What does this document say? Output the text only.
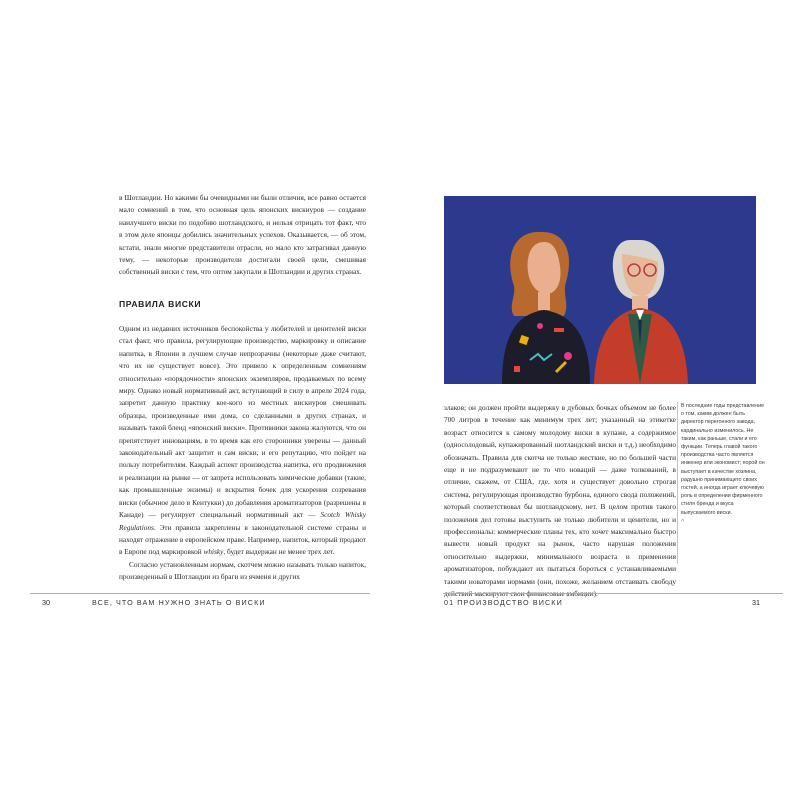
в Шотландии. Но какими бы очевидными ни были отличия, все равно остается мало сомнений в том, что основная цель японских вискиуров — создание наилучшего виски по подобию шотландского, и нельзя отрицать тот факт, что в этом деле японцы добились значительных успехов. Оказывается, — об этом, кстати, знали многие представители отрасли, но мало кто затрагивал данную тему, — некоторые производители достигали своей цели, смешивая собственный виски с тем, что оптом закупали в Шотландии и других странах.

ПРАВИЛА ВИСКИ

Одним из недавних источников беспокойства у любителей и ценителей виски стал факт, что правила, регулирующие производство, маркировку и описание напитка, в Японии в лучшем случае непрозрачны (некоторые даже считают, что их не существует вовсе). Это привело к определенным сомнениям относительно «порядочности» японских экземпляров, продаваемых по всему миру. Однако новый нормативный акт, вступающий в силу в апреле 2024 года, запретит данную практику кое-кого из местных вискиуров смешивать образцы, произведенные ими дома, со сделанными в других странах, и называть такой бленд «японский виски». Противники закона жалуются, что он препятствует инновациям, в то время как его сторонники уверены — данный законодательный акт защитит и сам виски, и его репутацию, что пойдет на пользу потребителям. Каждый аспект производства напитка, его продвижения и реализации на рынке — от запрета использовать химические добавки (такие, как промышленные энзимы) и вскрытия бочек для ускорения созревания виски (обычное дело в Кентукки) до добавления ароматизаторов (разрешены в Канаде) — регулирует специальный нормативный акт — Scotch Whisky Regulations. Эти правила закреплены в законодательной системе страны и находят отражение в европейском праве. Например, напиток, который продают в Европе под маркировкой whisky, будет выдержан не менее трех лет.

Согласно установленным нормам, скотчем можно называть только напиток, произведенный в Шотландии из браги из ячменя и других

30	ВСЕ, ЧТО ВАМ НУЖНО ЗНАТЬ О ВИСКИ

злаков; он должен пройти выдержку в дубовых бочках объемом не более 700 литров в течение как минимум трех лет; указанный на этикетке возраст относится к самому молодому виски в купаже, а содержимое (односолодовый, купажированный шотландский виски и т.д.) необходимо обозначать. Правила для скотча не только жесткие, но по большей части еще и не подразумевают не то что новаций — даже толкований, в отличие, скажем, от США, где, хотя и существует довольно строгая система, регулирующая производство бурбона, единого свода положений, который соответствовал бы шотландскому, нет. В целом против такого положения дел готовы выступить не только любители и ценители, но и профессионалы: коммерческие планы тех, кто хочет максимально быстро вывести новый продукт на рынок, часто нарушая положения относительно выдержки, минимального возраста и применения ароматизаторов, побуждают их пытаться бороться с устанавливаемыми такими новаторами нормами (они, похоже, желанием отстаивать свободу

В последние годы представление о том, каким должен быть директор перегонного завода, кардинально изменилось. Не таким, как раньше, стали и его функции. Теперь главой такого производства часто является инженер или экономист; порой он выступает в качестве хозяина, радушно принимающего своих гостей, а иногда играет ключевую роль в определении фирменного стиля бренда и вкуса выпускаемого виски.
^
01 ПРОИЗВОДСТВО ВИСКИ	31
